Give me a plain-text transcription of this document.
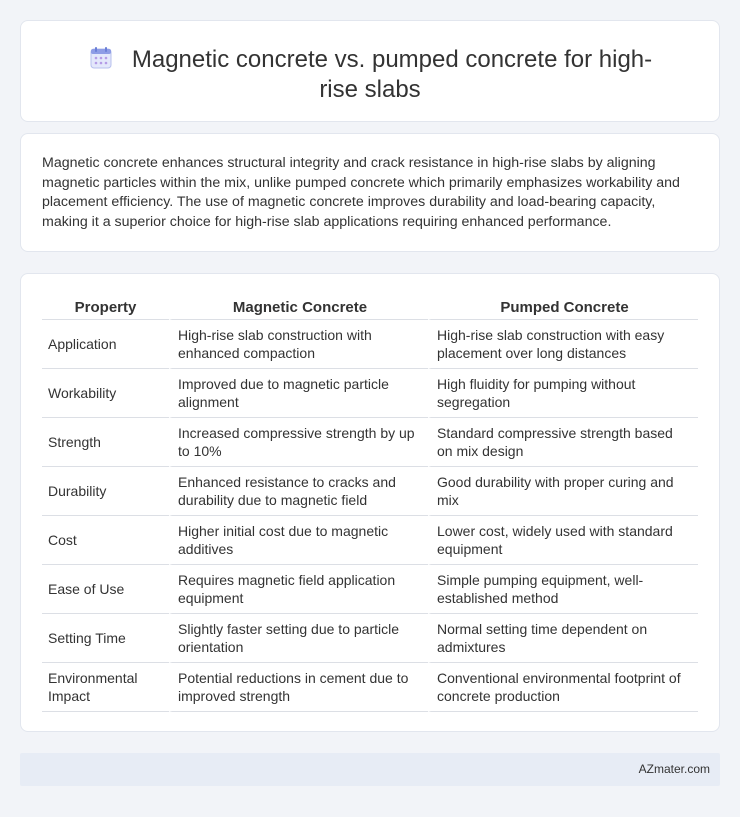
Magnetic concrete vs. pumped concrete for high-rise slabs

Magnetic concrete enhances structural integrity and crack resistance in high-rise slabs by aligning magnetic particles within the mix, unlike pumped concrete which primarily emphasizes workability and placement efficiency. The use of magnetic concrete improves durability and load-bearing capacity, making it a superior choice for high-rise slab applications requiring enhanced performance.

Property	Magnetic Concrete	Pumped Concrete
Application	High-rise slab construction with enhanced compaction	High-rise slab construction with easy placement over long distances
Workability	Improved due to magnetic particle alignment	High fluidity for pumping without segregation
Strength	Increased compressive strength by up to 10%	Standard compressive strength based on mix design
Durability	Enhanced resistance to cracks and durability due to magnetic field	Good durability with proper curing and mix
Cost	Higher initial cost due to magnetic additives	Lower cost, widely used with standard equipment
Ease of Use	Requires magnetic field application equipment	Simple pumping equipment, well-established method
Setting Time	Slightly faster setting due to particle orientation	Normal setting time dependent on admixtures
Environmental Impact	Potential reductions in cement due to improved strength	Conventional environmental footprint of concrete production
AZmater.com
